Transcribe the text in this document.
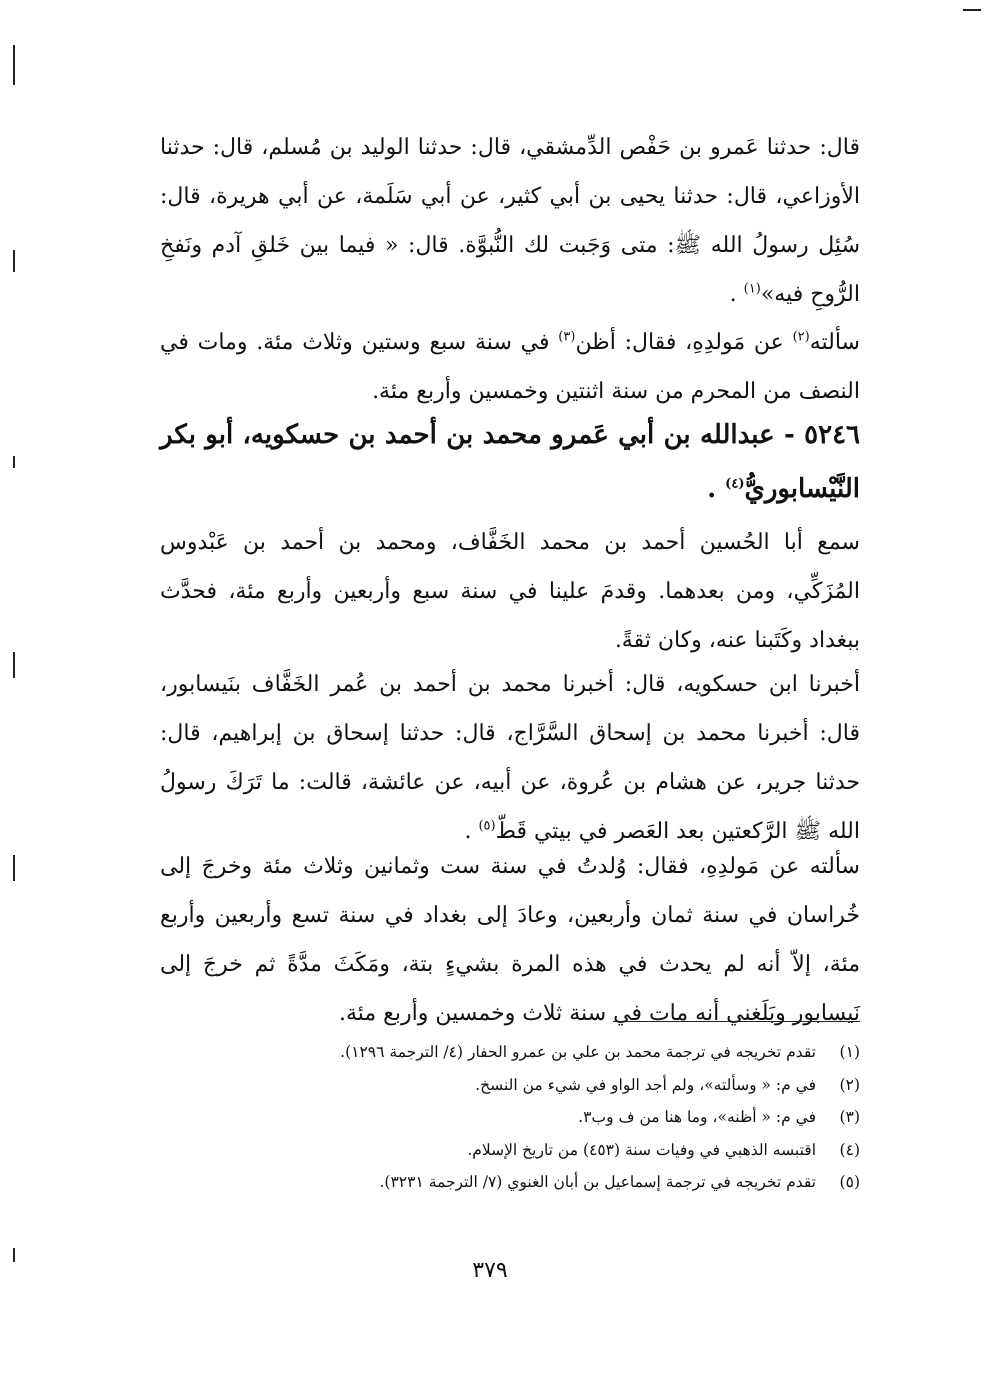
قال: حدثنا عَمرو بن حَفْص الدِّمشقي، قال: حدثنا الوليد بن مُسلم، قال: حدثنا الأوزاعي، قال: حدثنا يحيى بن أبي كثير، عن أبي سَلَمة، عن أبي هريرة، قال: سُئِل رسولُ الله ﷺ: متى وَجَبت لك النُّبوَّة. قال: « فيما بين خَلقِ آدم ونَفخِ الرُّوحِ فيه»$^{(١)}$ .

سألته$^{(٢)}$ عن مَولدِهِ، فقال: أظن$^{(٣)}$ في سنة سبع وستين وثلاث مئة. ومات في النصف من المحرم من سنة اثنتين وخمسين وأربع مئة.

٥٢٤٦ - عبدالله بن أبي عَمرو محمد بن أحمد بن حسكويه، أبو بكر النَّيْسابوريُّ$^{(٤)}$ .

سمع أبا الحُسين أحمد بن محمد الخَفَّاف، ومحمد بن أحمد بن عَبْدوس المُزَكِّي، ومن بعدهما. وقدمَ علينا في سنة سبع وأربعين وأربع مئة، فحدَّث ببغداد وكَتَبنا عنه، وكان ثقةً.

أخبرنا ابن حسكويه، قال: أخبرنا محمد بن أحمد بن عُمر الخَفَّاف بنَيسابور، قال: أخبرنا محمد بن إسحاق السَّرَّاج، قال: حدثنا إسحاق بن إبراهيم، قال: حدثنا جرير، عن هشام بن عُروة، عن أبيه، عن عائشة، قالت: ما تَرَكَ رسولُ الله ﷺ الرَّكعتين بعد العَصر في بيتي قَطّ$^{(٥)}$ .

سألته عن مَولدِهِ، فقال: وُلدتُ في سنة ست وثمانين وثلاث مئة وخرجَ إلى خُراسان في سنة ثمان وأربعين، وعادَ إلى بغداد في سنة تسع وأربعين وأربع مئة، إلاّ أنه لم يحدث في هذه المرة بشيءٍ بتة، ومَكَثَ مدَّةً ثم خرجَ إلى نَيسابور وبَلَغني أنه مات في سنة ثلاث وخمسين وأربع مئة.

(١)تقدم تخريجه في ترجمة محمد بن علي بن عمرو الحفار (٤/ الترجمة ١٢٩٦).
(٢)في م: « وسألته»، ولم أجد الواو في شيء من النسخ.
(٣)في م: « أظنه»، وما هنا من ف وب٣.
(٤)اقتبسه الذهبي في وفيات سنة (٤٥٣) من تاريخ الإسلام.
(٥)تقدم تخريجه في ترجمة إسماعيل بن أبان الغنوي (٧/ الترجمة ٣٢٣١).
٣٧٩
